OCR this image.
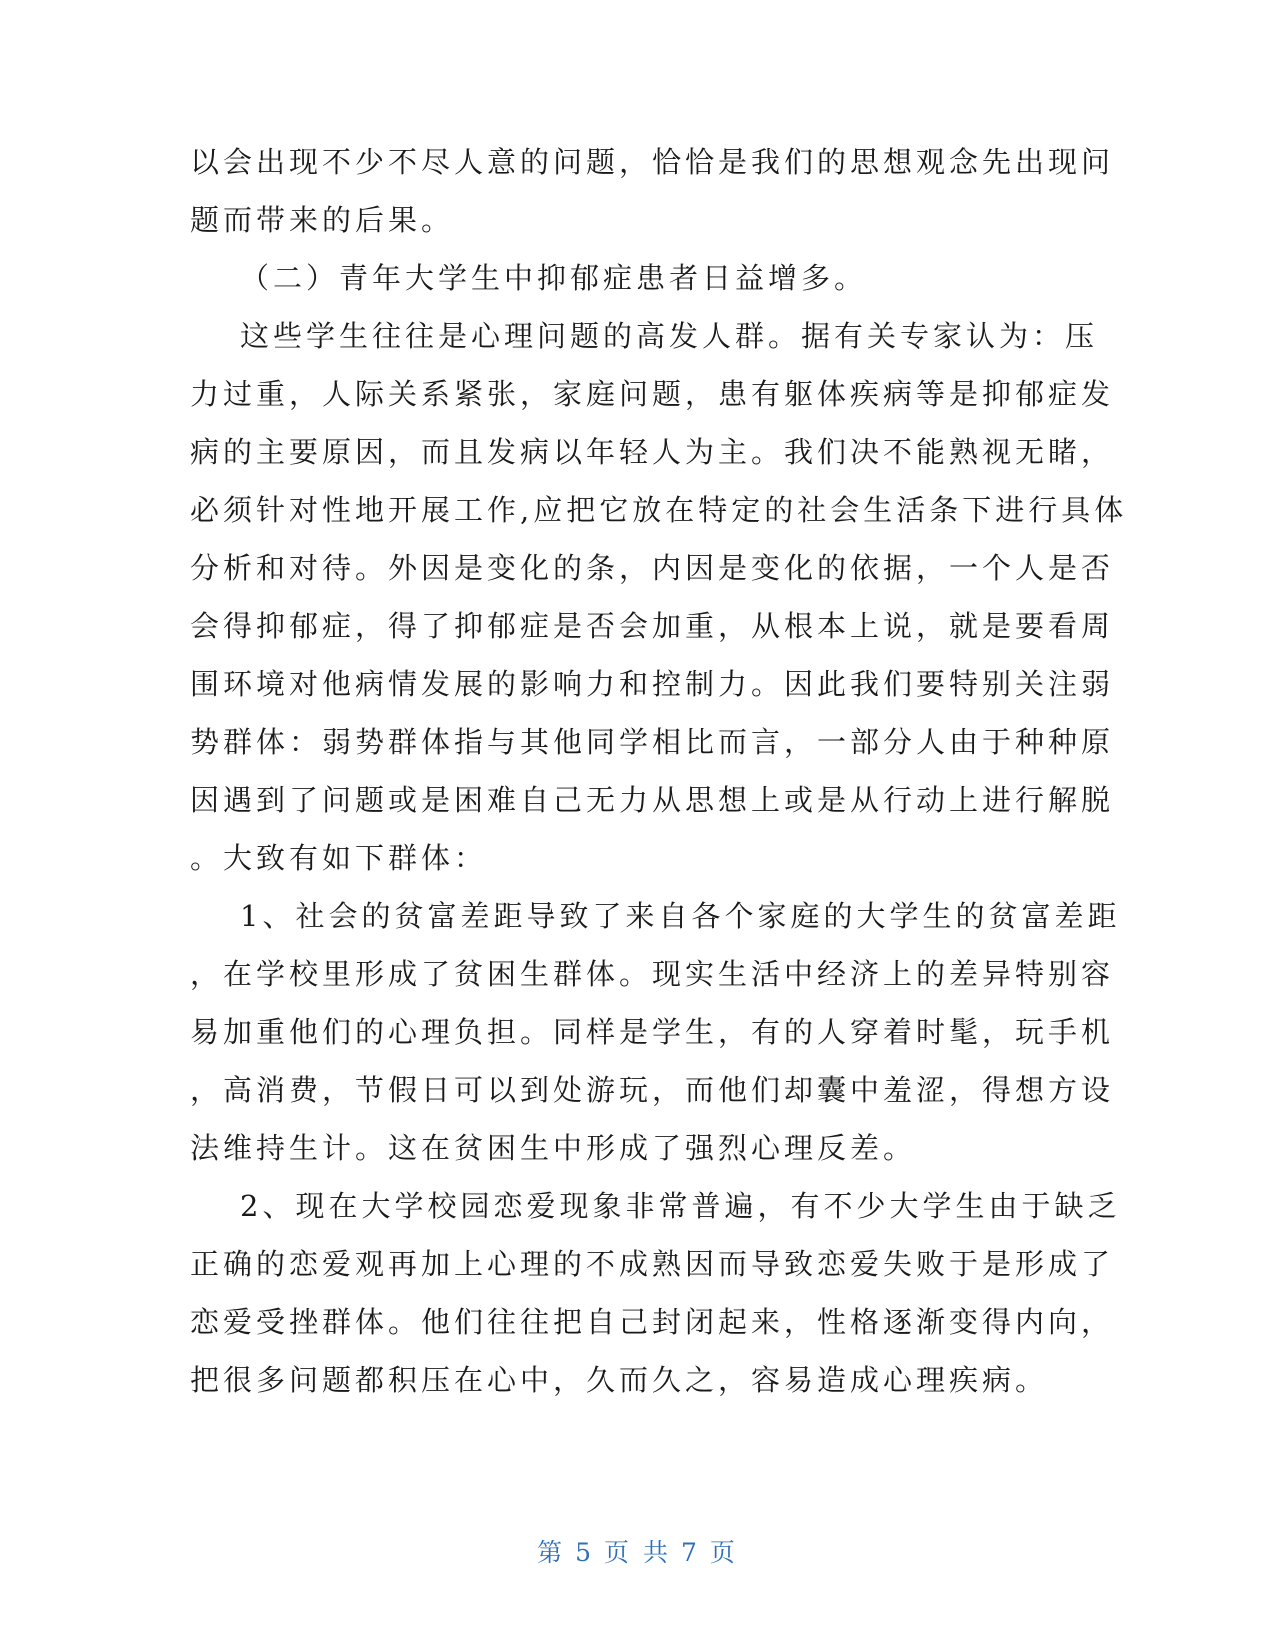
以会出现不少不尽人意的问题，恰恰是我们的思想观念先出现问
题而带来的后果。
（二）青年大学生中抑郁症患者日益增多。
这些学生往往是心理问题的高发人群。据有关专家认为：压
力过重，人际关系紧张，家庭问题，患有躯体疾病等是抑郁症发
病的主要原因，而且发病以年轻人为主。我们决不能熟视无睹，
必须针对性地开展工作,应把它放在特定的社会生活条下进行具体
分析和对待。外因是变化的条，内因是变化的依据，一个人是否
会得抑郁症，得了抑郁症是否会加重，从根本上说，就是要看周
围环境对他病情发展的影响力和控制力。因此我们要特别关注弱
势群体：弱势群体指与其他同学相比而言，一部分人由于种种原
因遇到了问题或是困难自己无力从思想上或是从行动上进行解脱
。大致有如下群体：
1、社会的贫富差距导致了来自各个家庭的大学生的贫富差距
，在学校里形成了贫困生群体。现实生活中经济上的差异特别容
易加重他们的心理负担。同样是学生，有的人穿着时髦，玩手机
，高消费，节假日可以到处游玩，而他们却囊中羞涩，得想方设
法维持生计。这在贫困生中形成了强烈心理反差。
2、现在大学校园恋爱现象非常普遍，有不少大学生由于缺乏
正确的恋爱观再加上心理的不成熟因而导致恋爱失败于是形成了
恋爱受挫群体。他们往往把自己封闭起来，性格逐渐变得内向，
把很多问题都积压在心中，久而久之，容易造成心理疾病。
第 5 页 共 7 页
